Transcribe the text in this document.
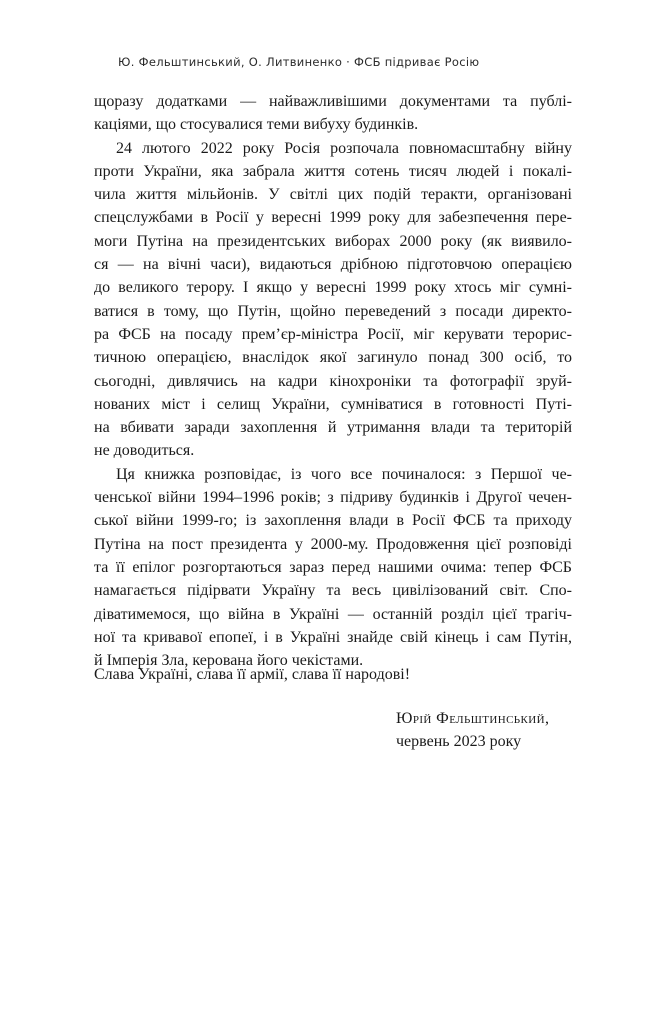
Ю. Фельштинський, О. Литвиненко · ФСБ підриває Росію
щоразу додатками — найважливішими документами та публі-
каціями, що стосувалися теми вибуху будинків.
24 лютого 2022 року Росія розпочала повномасштабну війну
проти України, яка забрала життя сотень тисяч людей і покалі-
чила життя мільйонів. У світлі цих подій теракти, організовані
спецслужбами в Росії у вересні 1999 року для забезпечення пере-
моги Путіна на президентських виборах 2000 року (як виявило-
ся — на вічні часи), видаються дрібною підготовчою операцією
до великого терору. І якщо у вересні 1999 року хтось міг сумні-
ватися в тому, що Путін, щойно переведений з посади директо-
ра ФСБ на посаду прем’єр-міністра Росії, міг керувати терорис-
тичною операцією, внаслідок якої загинуло понад 300 осіб, то
сьогодні, дивлячись на кадри кінохроніки та фотографії зруй-
нованих міст і селищ України, сумніватися в готовності Путі-
на вбивати заради захоплення й утримання влади та територій
не доводиться.
Ця книжка розповідає, із чого все починалося: з Першої че-
ченської війни 1994–1996 років; з підриву будинків і Другої чечен-
ської війни 1999-го; із захоплення влади в Росії ФСБ та приходу
Путіна на пост президента у 2000-му. Продовження цієї розповіді
та її епілог розгортаються зараз перед нашими очима: тепер ФСБ
намагається підірвати Україну та весь цивілізований світ. Спо-
діватимемося, що війна в Україні — останній розділ цієї трагіч-
ної та кривавої епопеї, і в Україні знайде свій кінець і сам Путін,
й Імперія Зла, керована його чекістами.
Слава Україні, слава її армії, слава її народові!
Юрій Фельштинський,
червень 2023 року
